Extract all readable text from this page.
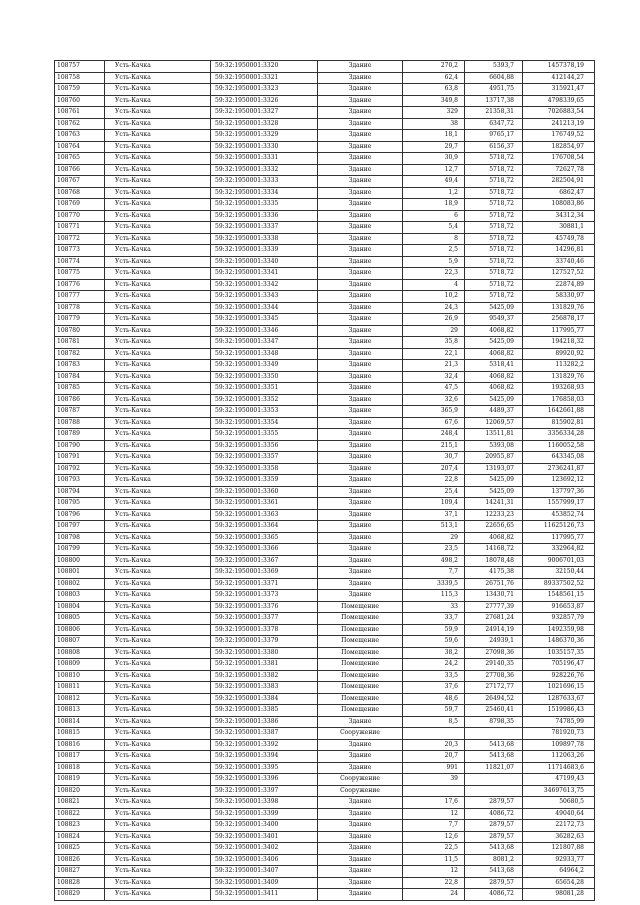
108757	Усть-Качка	59:32:1950001:3320	Здание	270,2	5393,7	1457378,19
108758	Усть-Качка	59:32:1950001:3321	Здание	62,4	6604,88	412144,27
108759	Усть-Качка	59:32:1950001:3323	Здание	63,8	4951,75	315921,47
108760	Усть-Качка	59:32:1950001:3326	Здание	349,8	13717,38	4798339,65
108761	Усть-Качка	59:32:1950001:3327	Здание	329	21358,31	7026883,54
108762	Усть-Качка	59:32:1950001:3328	Здание	38	6347,72	241213,19
108763	Усть-Качка	59:32:1950001:3329	Здание	18,1	9765,17	176749,52
108764	Усть-Качка	59:32:1950001:3330	Здание	29,7	6156,37	182854,97
108765	Усть-Качка	59:32:1950001:3331	Здание	30,9	5718,72	176708,54
108766	Усть-Качка	59:32:1950001:3332	Здание	12,7	5718,72	72627,78
108767	Усть-Качка	59:32:1950001:3333	Здание	49,4	5718,72	282504,91
108768	Усть-Качка	59:32:1950001:3334	Здание	1,2	5718,72	6862,47
108769	Усть-Качка	59:32:1950001:3335	Здание	18,9	5718,72	108083,86
108770	Усть-Качка	59:32:1950001:3336	Здание	6	5718,72	34312,34
108771	Усть-Качка	59:32:1950001:3337	Здание	5,4	5718,72	30881,1
108772	Усть-Качка	59:32:1950001:3338	Здание	8	5718,72	45749,78
108773	Усть-Качка	59:32:1950001:3339	Здание	2,5	5718,72	14296,81
108774	Усть-Качка	59:32:1950001:3340	Здание	5,9	5718,72	33740,46
108775	Усть-Качка	59:32:1950001:3341	Здание	22,3	5718,72	127527,52
108776	Усть-Качка	59:32:1950001:3342	Здание	4	5718,72	22874,89
108777	Усть-Качка	59:32:1950001:3343	Здание	10,2	5718,72	58330,97
108778	Усть-Качка	59:32:1950001:3344	Здание	24,3	5425,09	131829,76
108779	Усть-Качка	59:32:1950001:3345	Здание	26,9	9549,37	256878,17
108780	Усть-Качка	59:32:1950001:3346	Здание	29	4068,82	117995,77
108781	Усть-Качка	59:32:1950001:3347	Здание	35,8	5425,09	194218,32
108782	Усть-Качка	59:32:1950001:3348	Здание	22,1	4068,82	89920,92
108783	Усть-Качка	59:32:1950001:3349	Здание	21,3	5318,41	113282,2
108784	Усть-Качка	59:32:1950001:3350	Здание	32,4	4068,82	131829,76
108785	Усть-Качка	59:32:1950001:3351	Здание	47,5	4068,82	193268,93
108786	Усть-Качка	59:32:1950001:3352	Здание	32,6	5425,09	176858,03
108787	Усть-Качка	59:32:1950001:3353	Здание	365,9	4489,37	1642661,88
108788	Усть-Качка	59:32:1950001:3354	Здание	67,6	12069,57	815902,81
108789	Усть-Качка	59:32:1950001:3355	Здание	248,4	13511,81	3356334,28
108790	Усть-Качка	59:32:1950001:3356	Здание	215,1	5393,08	1160052,58
108791	Усть-Качка	59:32:1950001:3357	Здание	30,7	20955,87	643345,08
108792	Усть-Качка	59:32:1950001:3358	Здание	207,4	13193,07	2736241,87
108793	Усть-Качка	59:32:1950001:3359	Здание	22,8	5425,09	123692,12
108794	Усть-Качка	59:32:1950001:3360	Здание	25,4	5425,09	137797,36
108795	Усть-Качка	59:32:1950001:3361	Здание	109,4	14241,31	1557999,17
108796	Усть-Качка	59:32:1950001:3363	Здание	37,1	12233,23	453852,74
108797	Усть-Качка	59:32:1950001:3364	Здание	513,1	22656,65	11625126,73
108798	Усть-Качка	59:32:1950001:3365	Здание	29	4068,82	117995,77
108799	Усть-Качка	59:32:1950001:3366	Здание	23,5	14168,72	332964,82
108800	Усть-Качка	59:32:1950001:3367	Здание	498,2	18078,48	9006701,03
108801	Усть-Качка	59:32:1950001:3369	Здание	7,7	4175,38	32150,44
108802	Усть-Качка	59:32:1950001:3371	Здание	3339,5	26751,76	89337502,52
108803	Усть-Качка	59:32:1950001:3373	Здание	115,3	13430,71	1548561,15
108804	Усть-Качка	59:32:1950001:3376	Помещение	33	27777,39	916653,87
108805	Усть-Качка	59:32:1950001:3377	Помещение	33,7	27681,24	932857,79
108806	Усть-Качка	59:32:1950001:3378	Помещение	59,9	24914,19	1492359,98
108807	Усть-Качка	59:32:1950001:3379	Помещение	59,6	24939,1	1486370,36
108808	Усть-Качка	59:32:1950001:3380	Помещение	38,2	27098,36	1035157,35
108809	Усть-Качка	59:32:1950001:3381	Помещение	24,2	29140,35	705196,47
108810	Усть-Качка	59:32:1950001:3382	Помещение	33,5	27708,36	928226,76
108811	Усть-Качка	59:32:1950001:3383	Помещение	37,6	27172,77	1021696,15
108812	Усть-Качка	59:32:1950001:3384	Помещение	48,6	26494,52	1287633,67
108813	Усть-Качка	59:32:1950001:3385	Помещение	59,7	25460,41	1519986,43
108814	Усть-Качка	59:32:1950001:3386	Здание	8,5	8798,35	74785,99
108815	Усть-Качка	59:32:1950001:3387	Сооружение			781920,73
108816	Усть-Качка	59:32:1950001:3392	Здание	20,3	5413,68	109897,78
108817	Усть-Качка	59:32:1950001:3394	Здание	20,7	5413,68	112063,26
108818	Усть-Качка	59:32:1950001:3395	Здание	991	11821,07	11714683,6
108819	Усть-Качка	59:32:1950001:3396	Сооружение	39		47199,43
108820	Усть-Качка	59:32:1950001:3397	Сооружение			34697613,75
108821	Усть-Качка	59:32:1950001:3398	Здание	17,6	2879,57	50680,5
108822	Усть-Качка	59:32:1950001:3399	Здание	12	4086,72	49040,64
108823	Усть-Качка	59:32:1950001:3400	Здание	7,7	2879,57	22172,73
108824	Усть-Качка	59:32:1950001:3401	Здание	12,6	2879,57	36282,63
108825	Усть-Качка	59:32:1950001:3402	Здание	22,5	5413,68	121807,88
108826	Усть-Качка	59:32:1950001:3406	Здание	11,5	8081,2	92933,77
108827	Усть-Качка	59:32:1950001:3407	Здание	12	5413,68	64964,2
108828	Усть-Качка	59:32:1950001:3409	Здание	22,8	2879,57	65654,28
108829	Усть-Качка	59:32:1950001:3411	Здание	24	4086,72	98081,28
